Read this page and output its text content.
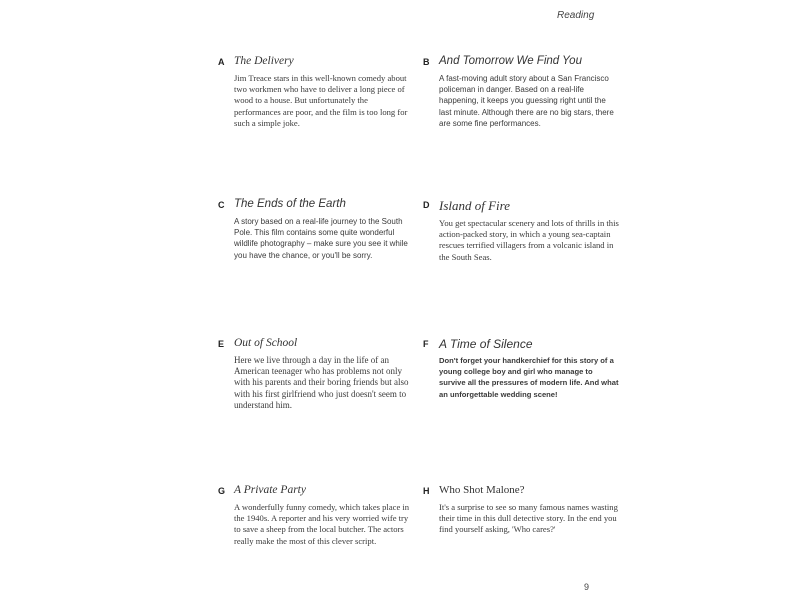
Reading
A The Delivery
Jim Treace stars in this well-known comedy about two workmen who have to deliver a long piece of wood to a house. But unfortunately the performances are poor, and the film is too long for such a simple joke.
B And Tomorrow We Find You
A fast-moving adult story about a San Francisco policeman in danger. Based on a real-life happening, it keeps you guessing right until the last minute. Although there are no big stars, there are some fine performances.
C The Ends of the Earth
A story based on a real-life journey to the South Pole. This film contains some quite wonderful wildlife photography – make sure you see it while you have the chance, or you'll be sorry.
D Island of Fire
You get spectacular scenery and lots of thrills in this action-packed story, in which a young sea-captain rescues terrified villagers from a volcanic island in the South Seas.
E Out of School
Here we live through a day in the life of an American teenager who has problems not only with his parents and their boring friends but also with his first girlfriend who just doesn't seem to understand him.
F A Time of Silence
Don't forget your handkerchief for this story of a young college boy and girl who manage to survive all the pressures of modern life. And what an unforgettable wedding scene!
G A Private Party
A wonderfully funny comedy, which takes place in the 1940s. A reporter and his very worried wife try to save a sheep from the local butcher. The actors really make the most of this clever script.
H Who Shot Malone?
It's a surprise to see so many famous names wasting their time in this dull detective story. In the end you find yourself asking, 'Who cares?'
9
